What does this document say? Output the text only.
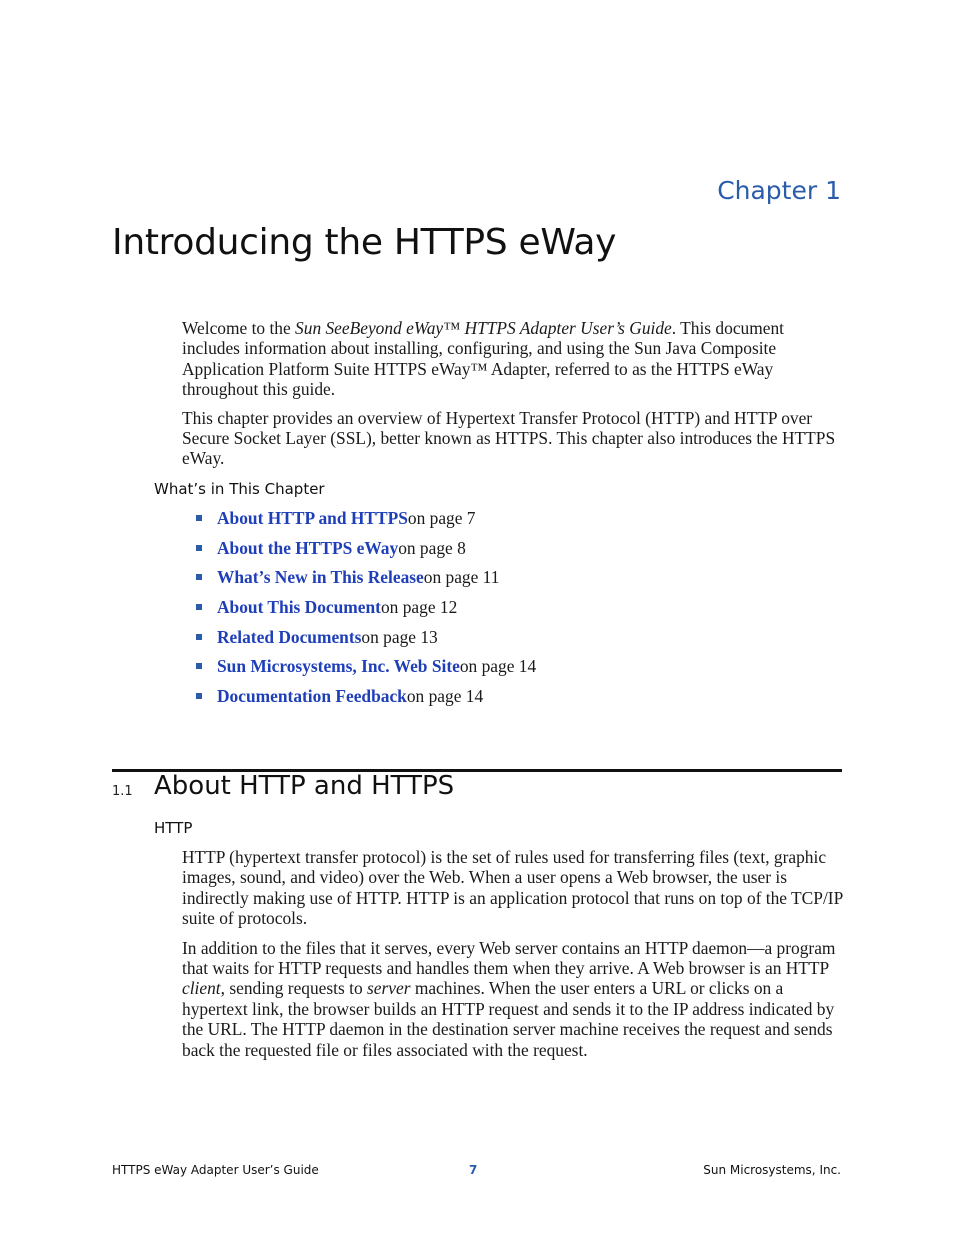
Chapter 1
Introducing the HTTPS eWay

Welcome to the Sun SeeBeyond eWay™ HTTPS Adapter User’s Guide. This document includes information about installing, configuring, and using the Sun Java Composite Application Platform Suite HTTPS eWay™ Adapter, referred to as the HTTPS eWay throughout this guide.

This chapter provides an overview of Hypertext Transfer Protocol (HTTP) and HTTP over Secure Socket Layer (SSL), better known as HTTPS. This chapter also introduces the HTTPS eWay.

What’s in This Chapter
About HTTP and HTTPS on page 7
About the HTTPS eWay on page 8
What’s New in This Release on page 11
About This Document on page 12
Related Documents on page 13
Sun Microsystems, Inc. Web Site on page 14
Documentation Feedback on page 14
1.1 About HTTP and HTTPS
HTTP

HTTP (hypertext transfer protocol) is the set of rules used for transferring files (text, graphic images, sound, and video) over the Web. When a user opens a Web browser, the user is indirectly making use of HTTP. HTTP is an application protocol that runs on top of the TCP/IP suite of protocols.

In addition to the files that it serves, every Web server contains an HTTP daemon—a program that waits for HTTP requests and handles them when they arrive. A Web browser is an HTTP client, sending requests to server machines. When the user enters a URL or clicks on a hypertext link, the browser builds an HTTP request and sends it to the IP address indicated by the URL. The HTTP daemon in the destination server machine receives the request and sends back the requested file or files associated with the request.

HTTPS eWay Adapter User’s Guide	7	Sun Microsystems, Inc.
